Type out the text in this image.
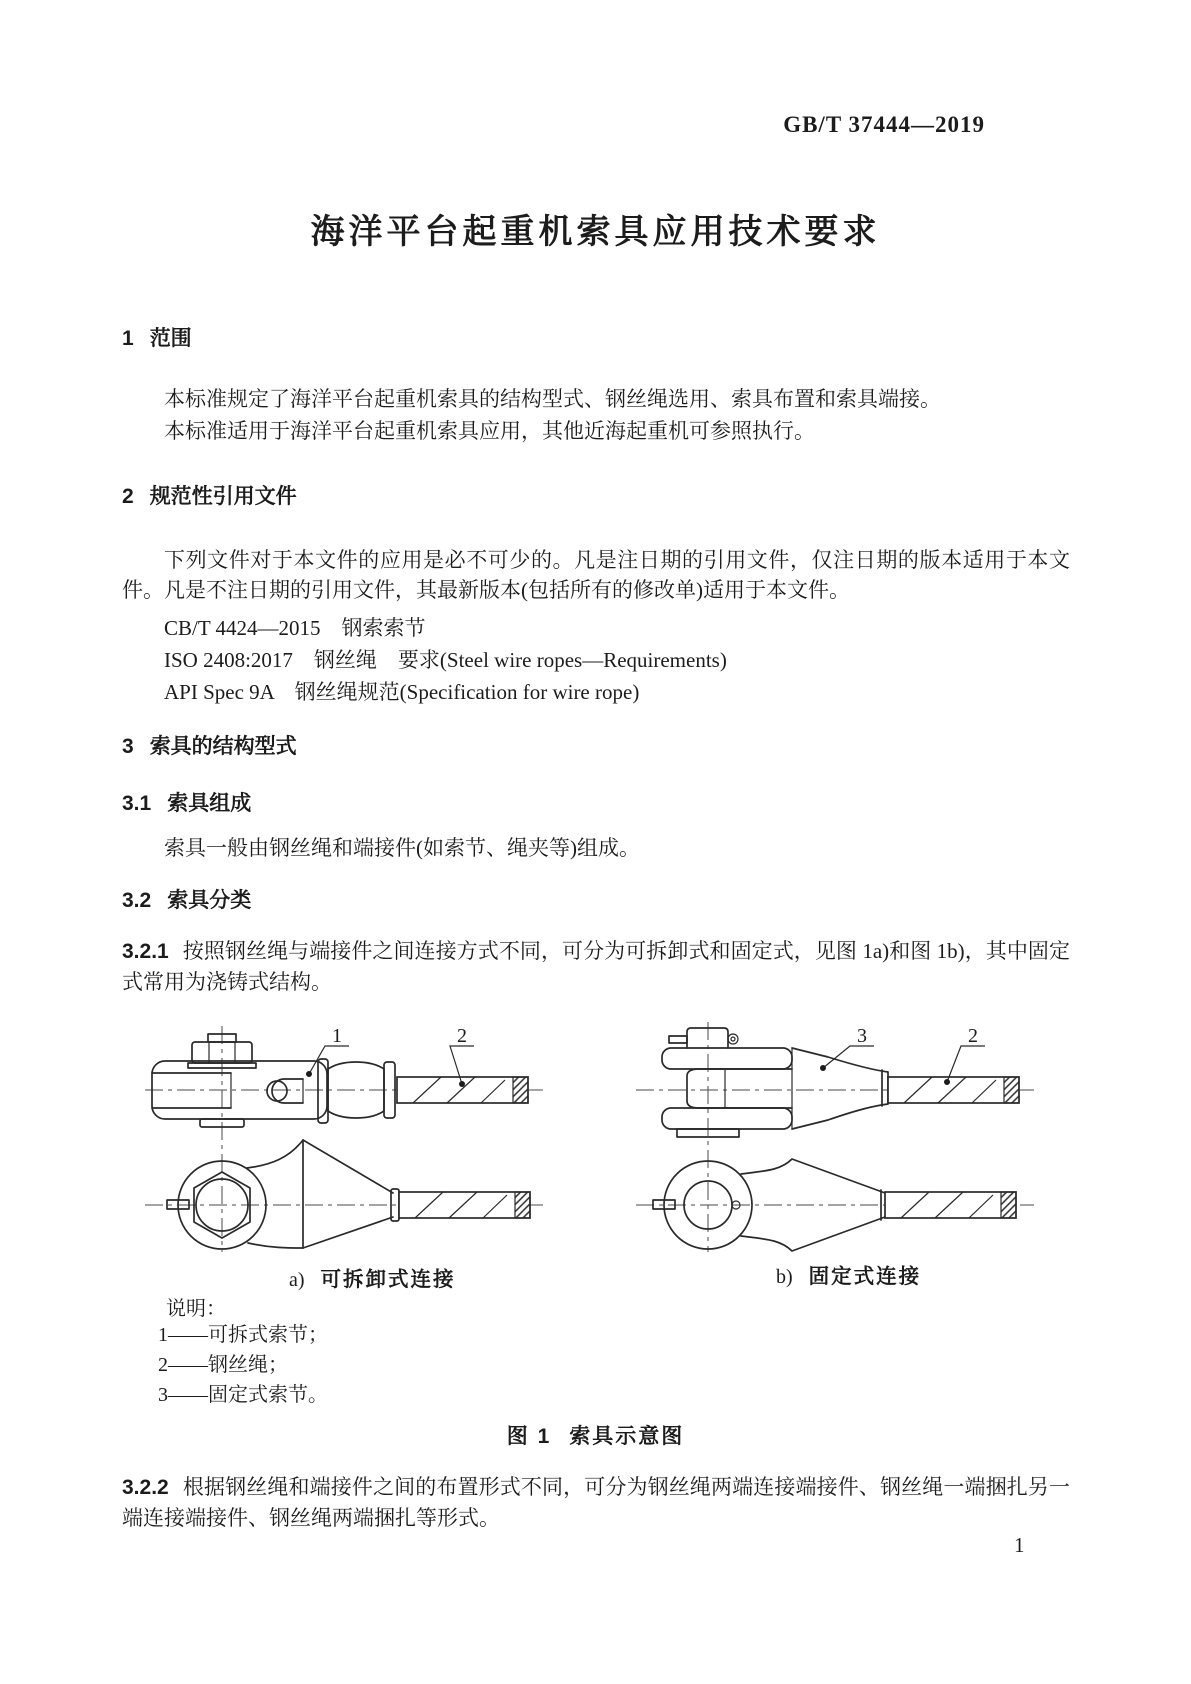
GB/T 37444—2019
海洋平台起重机索具应用技术要求
1 范围
本标准规定了海洋平台起重机索具的结构型式、钢丝绳选用、索具布置和索具端接。
本标准适用于海洋平台起重机索具应用，其他近海起重机可参照执行。
2 规范性引用文件
下列文件对于本文件的应用是必不可少的。凡是注日期的引用文件，仅注日期的版本适用于本文件。凡是不注日期的引用文件，其最新版本(包括所有的修改单)适用于本文件。
CB/T 4424—2015　钢索索节
ISO 2408:2017　钢丝绳　要求(Steel wire ropes—Requirements)
API Spec 9A　钢丝绳规范(Specification for wire rope)
3 索具的结构型式
3.1 索具组成
索具一般由钢丝绳和端接件(如索节、绳夹等)组成。
3.2 索具分类
3.2.1 按照钢丝绳与端接件之间连接方式不同，可分为可拆卸式和固定式，见图 1a)和图 1b)，其中固定式常用为浇铸式结构。
1	2	3	2
a) 可拆卸式连接	b) 固定式连接
说明：
1——可拆式索节；
2——钢丝绳；
3——固定式索节。
图 1 索具示意图
3.2.2 根据钢丝绳和端接件之间的布置形式不同，可分为钢丝绳两端连接端接件、钢丝绳一端捆扎另一端连接端接件、钢丝绳两端捆扎等形式。
1
